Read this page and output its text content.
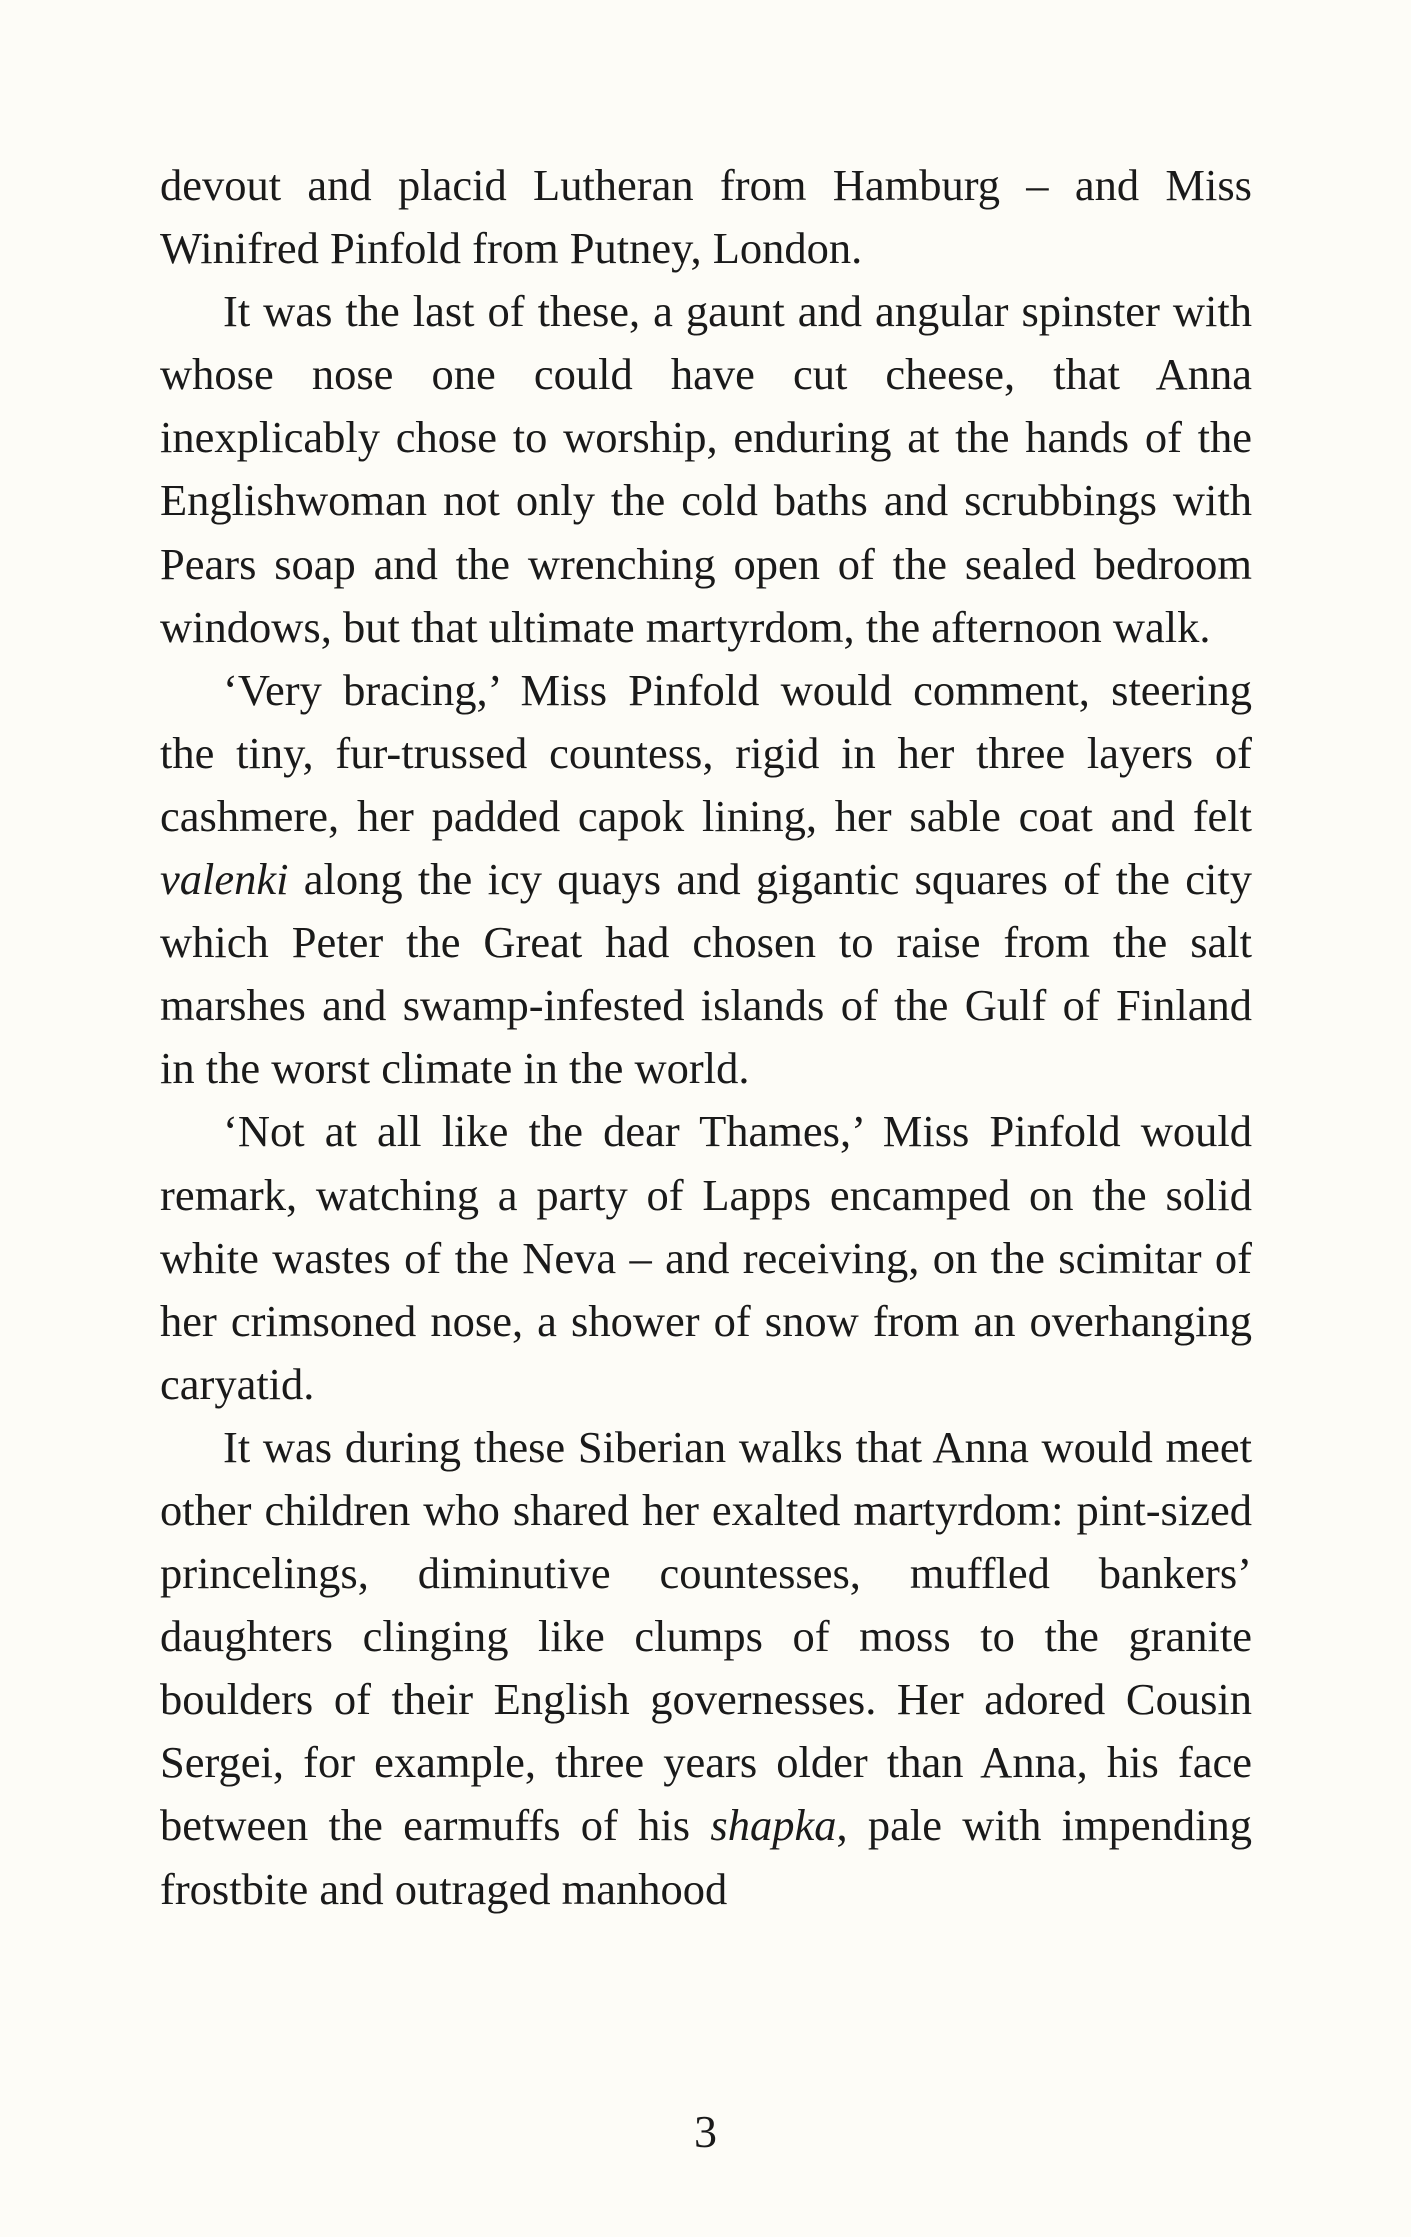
devout and placid Lutheran from Hamburg – and Miss Winifred Pinfold from Putney, London.

It was the last of these, a gaunt and angular spinster with whose nose one could have cut cheese, that Anna inexplicably chose to worship, enduring at the hands of the Englishwoman not only the cold baths and scrubbings with Pears soap and the wrenching open of the sealed bedroom windows, but that ultimate martyrdom, the afternoon walk.

‘Very bracing,’ Miss Pinfold would comment, steering the tiny, fur-trussed countess, rigid in her three layers of cashmere, her padded capok lining, her sable coat and felt valenki along the icy quays and gigantic squares of the city which Peter the Great had chosen to raise from the salt marshes and swamp-infested islands of the Gulf of Finland in the worst climate in the world.

‘Not at all like the dear Thames,’ Miss Pinfold would remark, watching a party of Lapps encamped on the solid white wastes of the Neva – and receiving, on the scimitar of her crimsoned nose, a shower of snow from an overhanging caryatid.

It was during these Siberian walks that Anna would meet other children who shared her exalted martyrdom: pint-sized princelings, diminutive countesses, muffled bankers’ daughters clinging like clumps of moss to the granite boulders of their English governesses. Her adored Cousin Sergei, for example, three years older than Anna, his face between the earmuffs of his shapka, pale with impending frostbite and outraged manhood

3
